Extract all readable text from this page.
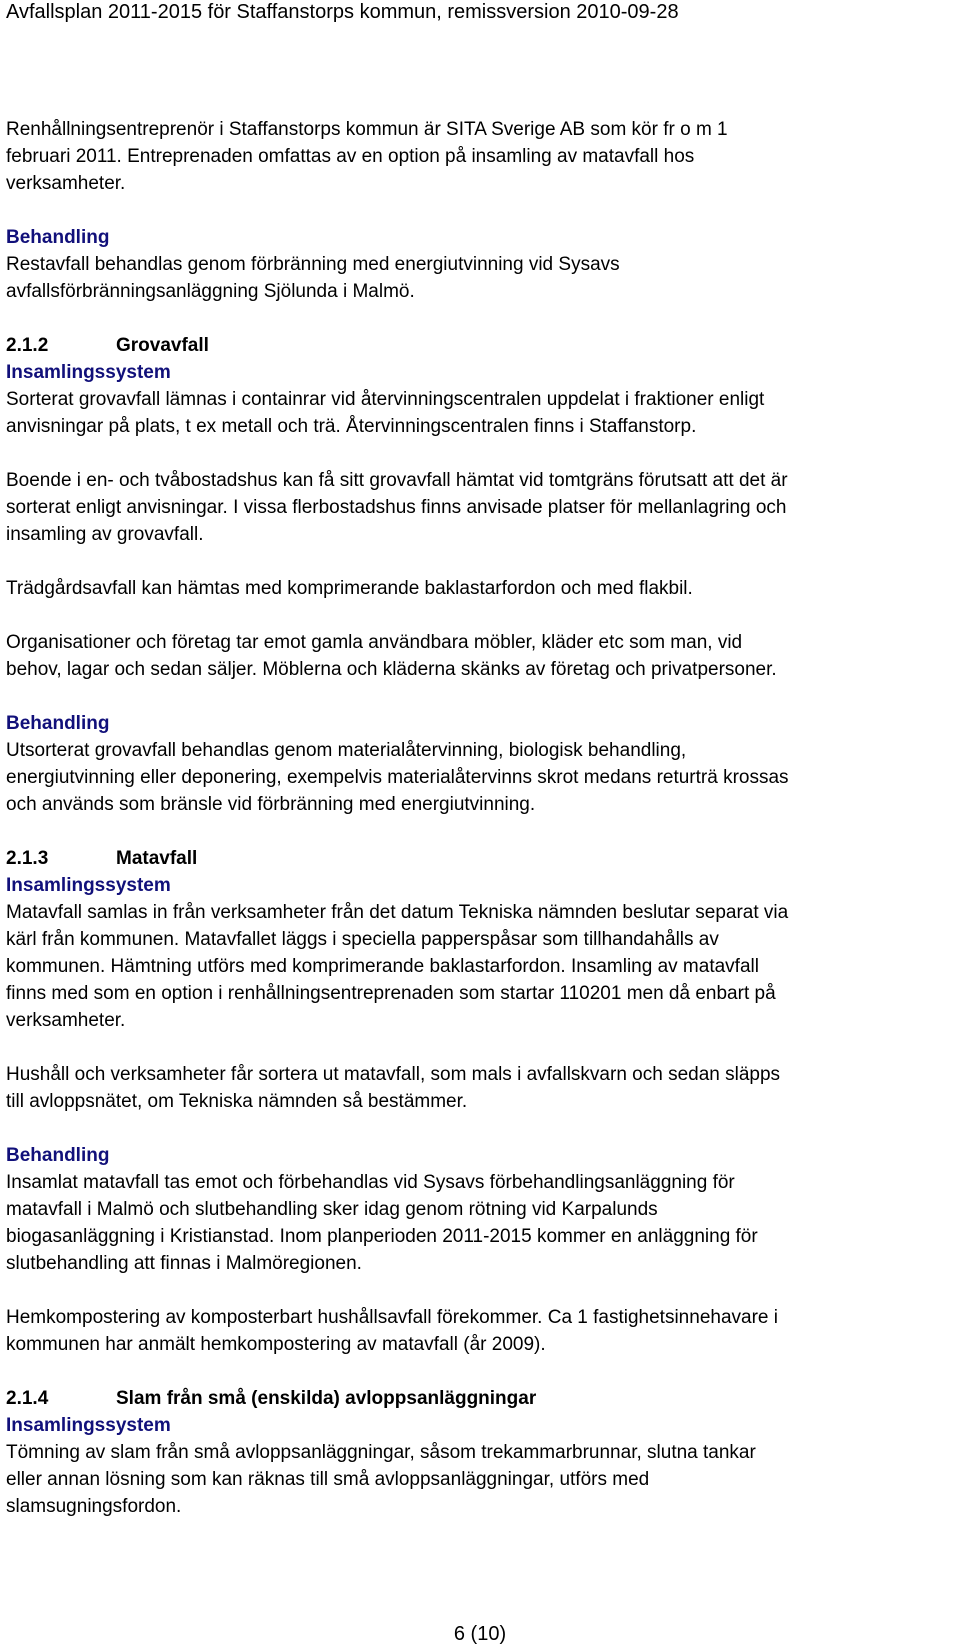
Avfallsplan 2011-2015 för Staffanstorps kommun, remissversion 2010-09-28

Renhållningsentreprenör i Staffanstorps kommun är SITA Sverige AB som kör fr o m 1
februari 2011. Entreprenaden omfattas av en option på insamling av matavfall hos
verksamheter.

Behandling

Restavfall behandlas genom förbränning med energiutvinning vid Sysavs
avfallsförbränningsanläggning Sjölunda i Malmö.

2.1.2	Grovavfall

Insamlingssystem

Sorterat grovavfall lämnas i containrar vid återvinningscentralen uppdelat i fraktioner enligt
anvisningar på plats, t ex metall och trä. Återvinningscentralen finns i Staffanstorp.

Boende i en- och tvåbostadshus kan få sitt grovavfall hämtat vid tomtgräns förutsatt att det är
sorterat enligt anvisningar. I vissa flerbostadshus finns anvisade platser för mellanlagring och
insamling av grovavfall.

Trädgårdsavfall kan hämtas med komprimerande baklastarfordon och med flakbil.

Organisationer och företag tar emot gamla användbara möbler, kläder etc som man, vid
behov, lagar och sedan säljer. Möblerna och kläderna skänks av företag och privatpersoner.

Behandling

Utsorterat grovavfall behandlas genom materialåtervinning, biologisk behandling,
energiutvinning eller deponering, exempelvis materialåtervinns skrot medans returträ krossas
och används som bränsle vid förbränning med energiutvinning.

2.1.3	Matavfall

Insamlingssystem

Matavfall samlas in från verksamheter från det datum Tekniska nämnden beslutar separat via
kärl från kommunen. Matavfallet läggs i speciella papperspåsar som tillhandahålls av
kommunen. Hämtning utförs med komprimerande baklastarfordon. Insamling av matavfall
finns med som en option i renhållningsentreprenaden som startar 110201 men då enbart på
verksamheter.

Hushåll och verksamheter får sortera ut matavfall, som mals i avfallskvarn och sedan släpps
till avloppsnätet, om Tekniska nämnden så bestämmer.

Behandling

Insamlat matavfall tas emot och förbehandlas vid Sysavs förbehandlingsanläggning för
matavfall i Malmö och slutbehandling sker idag genom rötning vid Karpalunds
biogasanläggning i Kristianstad. Inom planperioden 2011-2015 kommer en anläggning för
slutbehandling att finnas i Malmöregionen.

Hemkompostering av komposterbart hushållsavfall förekommer. Ca 1 fastighetsinnehavare i
kommunen har anmält hemkompostering av matavfall (år 2009).

2.1.4	Slam från små (enskilda) avloppsanläggningar

Insamlingssystem

Tömning av slam från små avloppsanläggningar, såsom trekammarbrunnar, slutna tankar
eller annan lösning som kan räknas till små avloppsanläggningar, utförs med
slamsugningsfordon.

6 (10)
